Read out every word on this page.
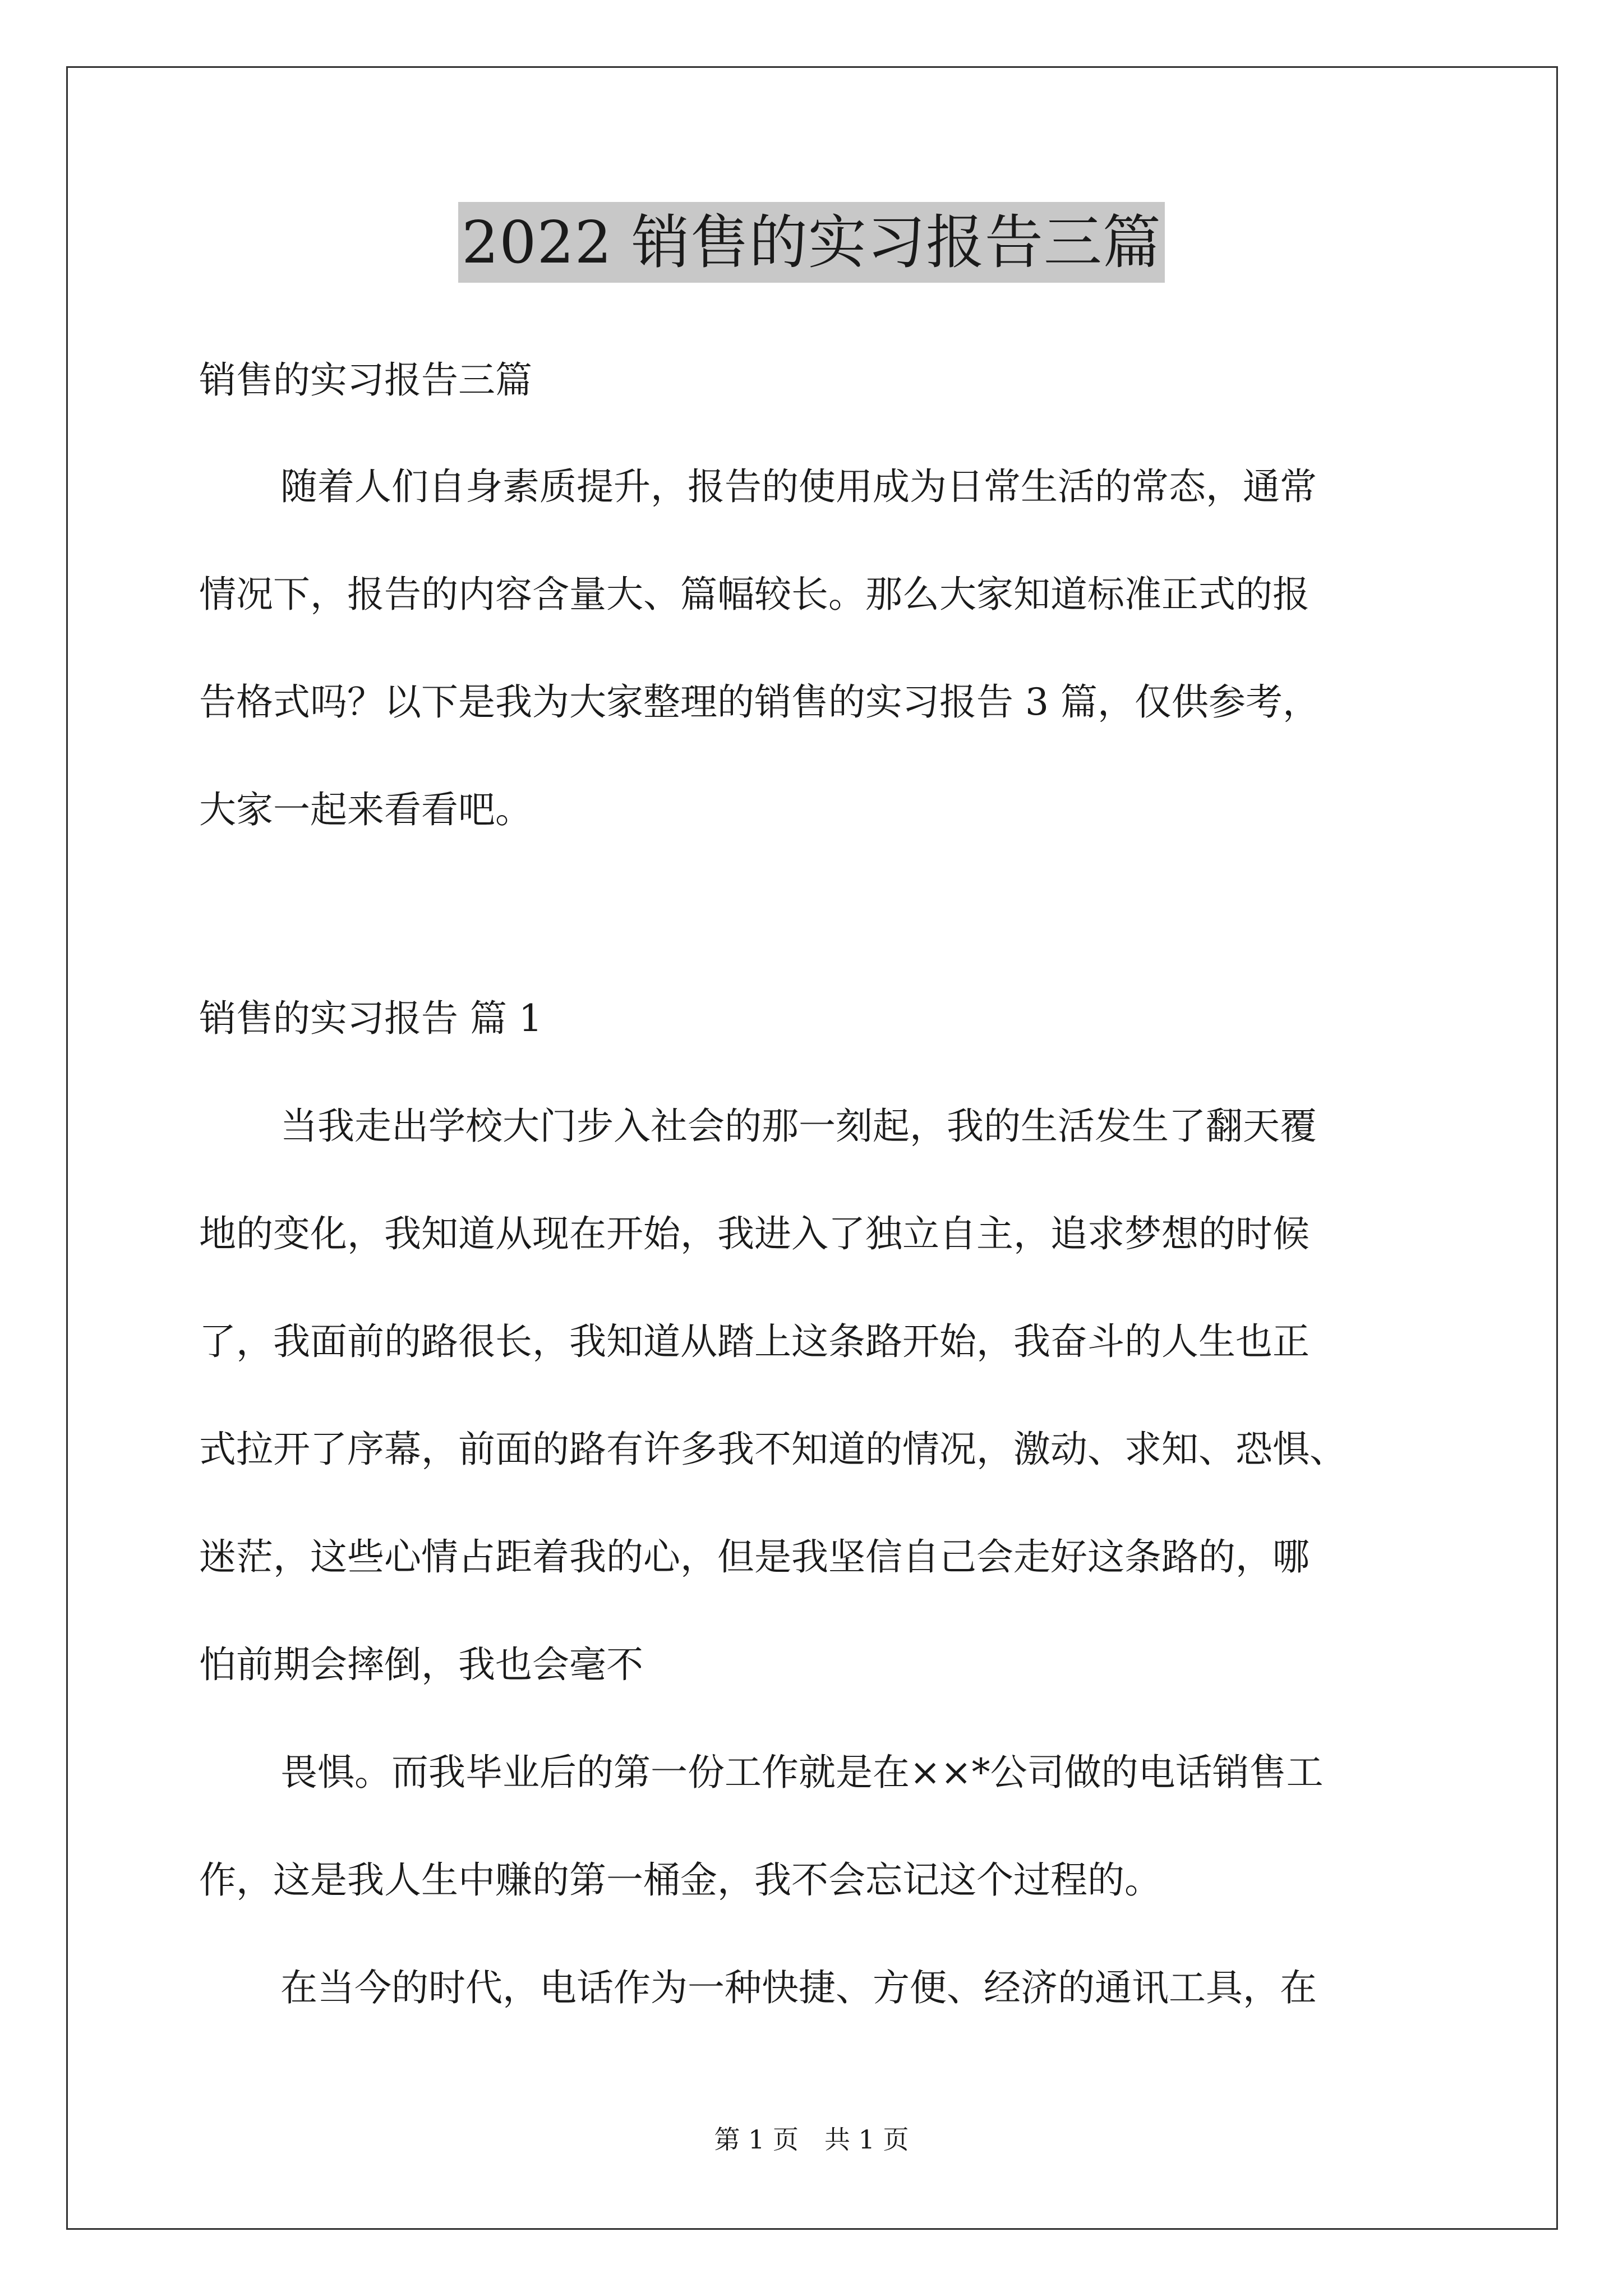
2022 销售的实习报告三篇
销售的实习报告三篇
随着人们自身素质提升，报告的使用成为日常生活的常态，通常
情况下，报告的内容含量大、篇幅较长。那么大家知道标准正式的报
告格式吗？以下是我为大家整理的销售的实习报告 3 篇，仅供参考，
大家一起来看看吧。
销售的实习报告 篇 1
当我走出学校大门步入社会的那一刻起，我的生活发生了翻天覆
地的变化，我知道从现在开始，我进入了独立自主，追求梦想的时候
了，我面前的路很长，我知道从踏上这条路开始，我奋斗的人生也正
式拉开了序幕，前面的路有许多我不知道的情况，激动、求知、恐惧、
迷茫，这些心情占距着我的心，但是我坚信自己会走好这条路的，哪
怕前期会摔倒，我也会毫不
畏惧。而我毕业后的第一份工作就是在××*公司做的电话销售工
作，这是我人生中赚的第一桶金，我不会忘记这个过程的。
在当今的时代，电话作为一种快捷、方便、经济的通讯工具，在
第 1 页　共 1 页
